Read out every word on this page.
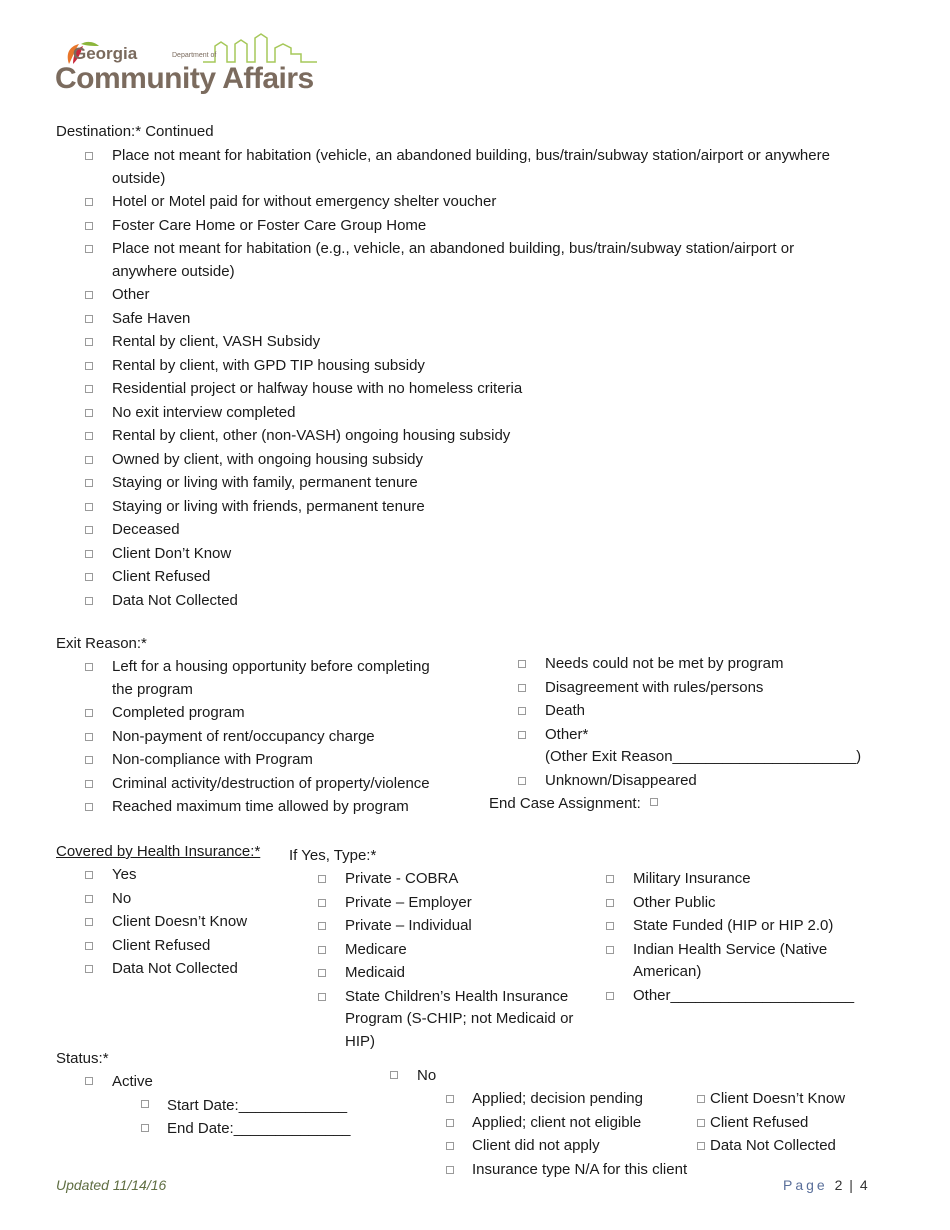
Georgia	Department of
Community Affairs
Destination:* Continued
Place not meant for habitation (vehicle, an abandoned building, bus/train/subway station/airport or anywhere
outside)
Hotel or Motel paid for without emergency shelter voucher
Foster Care Home or Foster Care Group Home
Place not meant for habitation (e.g., vehicle, an abandoned building, bus/train/subway station/airport or
anywhere outside)
Other
Safe Haven
Rental by client, VASH Subsidy
Rental by client, with GPD TIP housing subsidy
Residential project or halfway house with no homeless criteria
No exit interview completed
Rental by client, other (non-VASH) ongoing housing subsidy
Owned by client, with ongoing housing subsidy
Staying or living with family, permanent tenure
Staying or living with friends, permanent tenure
Deceased
Client Don’t Know
Client Refused
Data Not Collected
Exit Reason:*
Left for a housing opportunity before completing
the program
Completed program
Non-payment of rent/occupancy charge
Non-compliance with Program
Criminal activity/destruction of property/violence
Reached maximum time allowed by program
Needs could not be met by program
Disagreement with rules/persons
Death
Other*
(Other Exit Reason______________________)
Unknown/Disappeared
End Case Assignment:
Covered by Health Insurance:* If Yes, Type:*
Yes
No
Client Doesn’t Know
Client Refused
Data Not Collected
Private - COBRA
Private – Employer
Private – Individual
Medicare
Medicaid
State Children’s Health Insurance
Program (S-CHIP; not Medicaid or
HIP)
Military Insurance
Other Public
State Funded (HIP or HIP 2.0)
Indian Health Service (Native
American)
Other______________________
Status:*
Active
Start Date:_____________
End Date:______________
No
Applied; decision pending
Applied; client not eligible
Client did not apply
Insurance type N/A for this client
Client Doesn’t Know
Client Refused
Data Not Collected
Updated 11/14/16	Page 2 | 4
